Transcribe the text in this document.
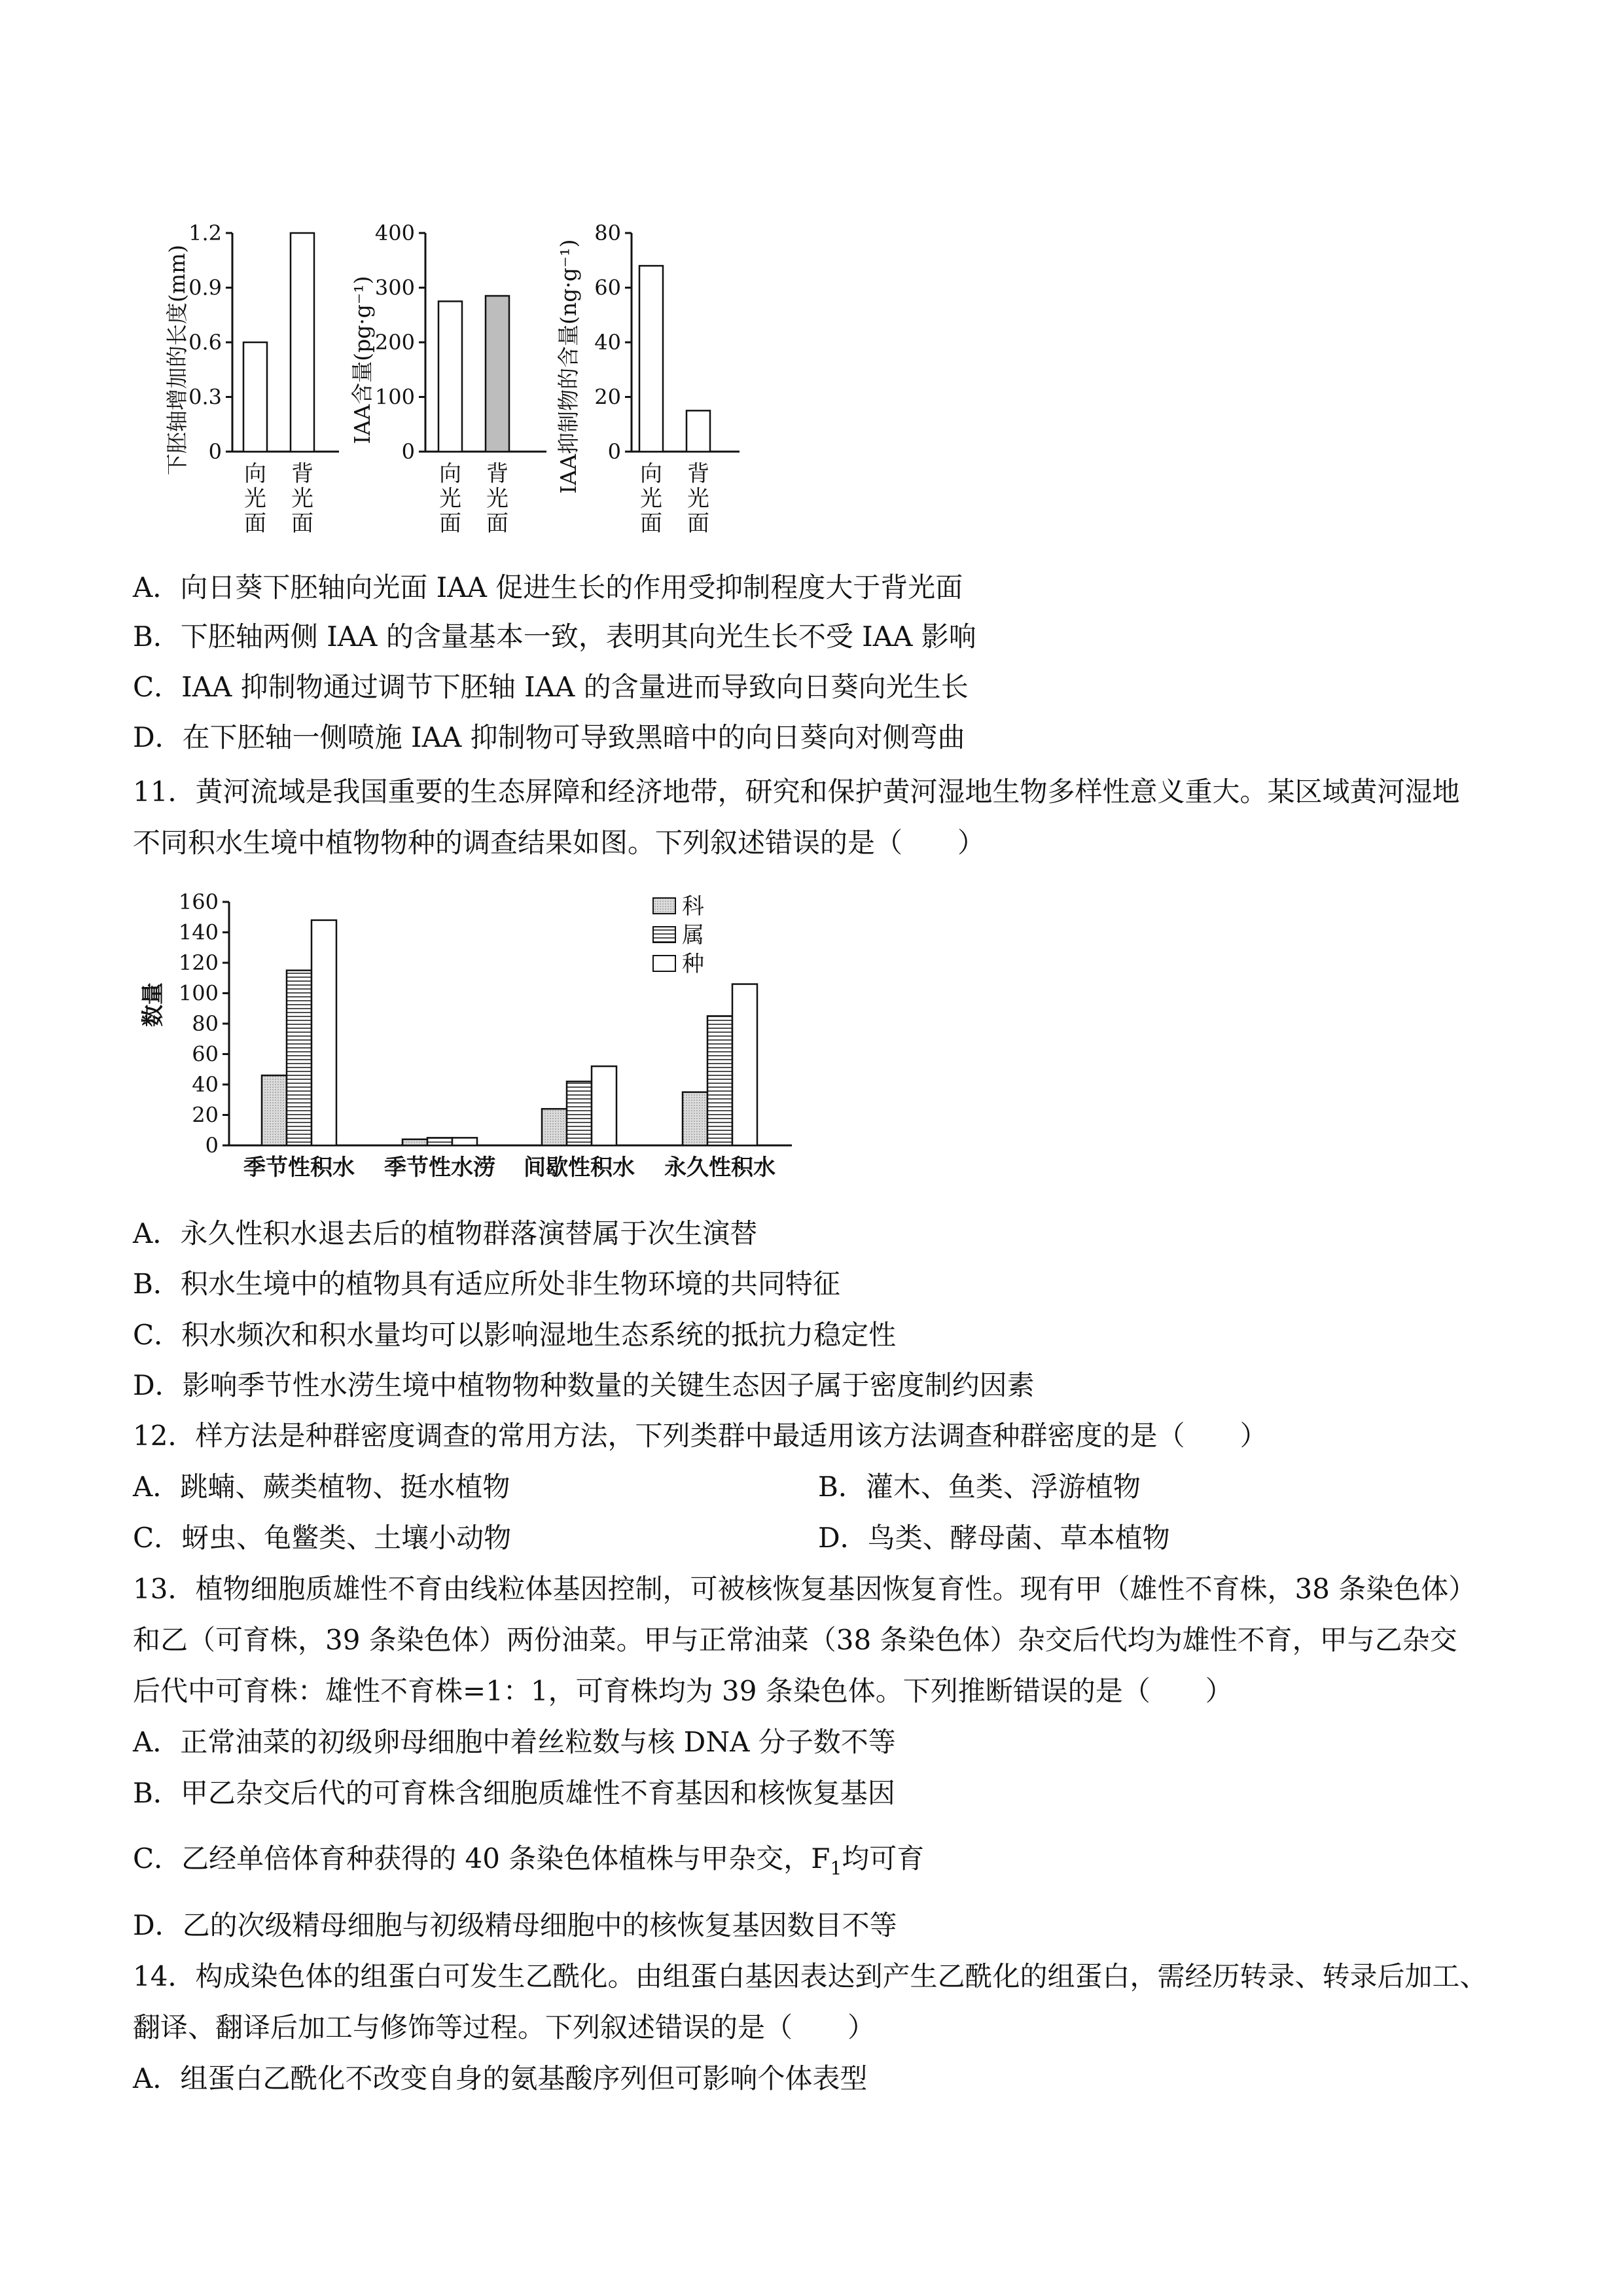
下胚轴增加的长度(mm) 0
0.3
0.6
0.9
1.2
向光面
背光面
IAA含量(pg·g⁻¹)
0
100
200
300
400
向光面
背光面
IAA抑制物的含量(ng·g⁻¹) 0
20
40
60
80
向光面
背光面
A．向日葵下胚轴向光面 IAA 促进生长的作用受抑制程度大于背光面
B．下胚轴两侧 IAA 的含量基本一致，表明其向光生长不受 IAA 影响
C．IAA 抑制物通过调节下胚轴 IAA 的含量进而导致向日葵向光生长
D．在下胚轴一侧喷施 IAA 抑制物可导致黑暗中的向日葵向对侧弯曲
11．黄河流域是我国重要的生态屏障和经济地带，研究和保护黄河湿地生物多样性意义重大。某区域黄河湿地
不同积水生境中植物物种的调查结果如图。下列叙述错误的是（　　）
数量
0
20
40
60
80
100
120
140
160
季节性积水 季节性水涝 间歇性积水 永久性积水
科
属
种
A．永久性积水退去后的植物群落演替属于次生演替
B．积水生境中的植物具有适应所处非生物环境的共同特征
C．积水频次和积水量均可以影响湿地生态系统的抵抗力稳定性
D．影响季节性水涝生境中植物物种数量的关键生态因子属于密度制约因素
12．样方法是种群密度调查的常用方法，下列类群中最适用该方法调查种群密度的是（　　）
A．跳蝻、蕨类植物、挺水植物	B．灌木、鱼类、浮游植物
C．蚜虫、龟鳖类、土壤小动物	D．鸟类、酵母菌、草本植物
13．植物细胞质雄性不育由线粒体基因控制，可被核恢复基因恢复育性。现有甲（雄性不育株，38 条染色体）
和乙（可育株，39 条染色体）两份油菜。甲与正常油菜（38 条染色体）杂交后代均为雄性不育，甲与乙杂交
后代中可育株：雄性不育株=1：1，可育株均为 39 条染色体。下列推断错误的是（　　）
A．正常油菜的初级卵母细胞中着丝粒数与核 DNA 分子数不等
B．甲乙杂交后代的可育株含细胞质雄性不育基因和核恢复基因
C．乙经单倍体育种获得的 40 条染色体植株与甲杂交，$F_1$均可育
D．乙的次级精母细胞与初级精母细胞中的核恢复基因数目不等
14．构成染色体的组蛋白可发生乙酰化。由组蛋白基因表达到产生乙酰化的组蛋白，需经历转录、转录后加工、
翻译、翻译后加工与修饰等过程。下列叙述错误的是（　　）
A．组蛋白乙酰化不改变自身的氨基酸序列但可影响个体表型
